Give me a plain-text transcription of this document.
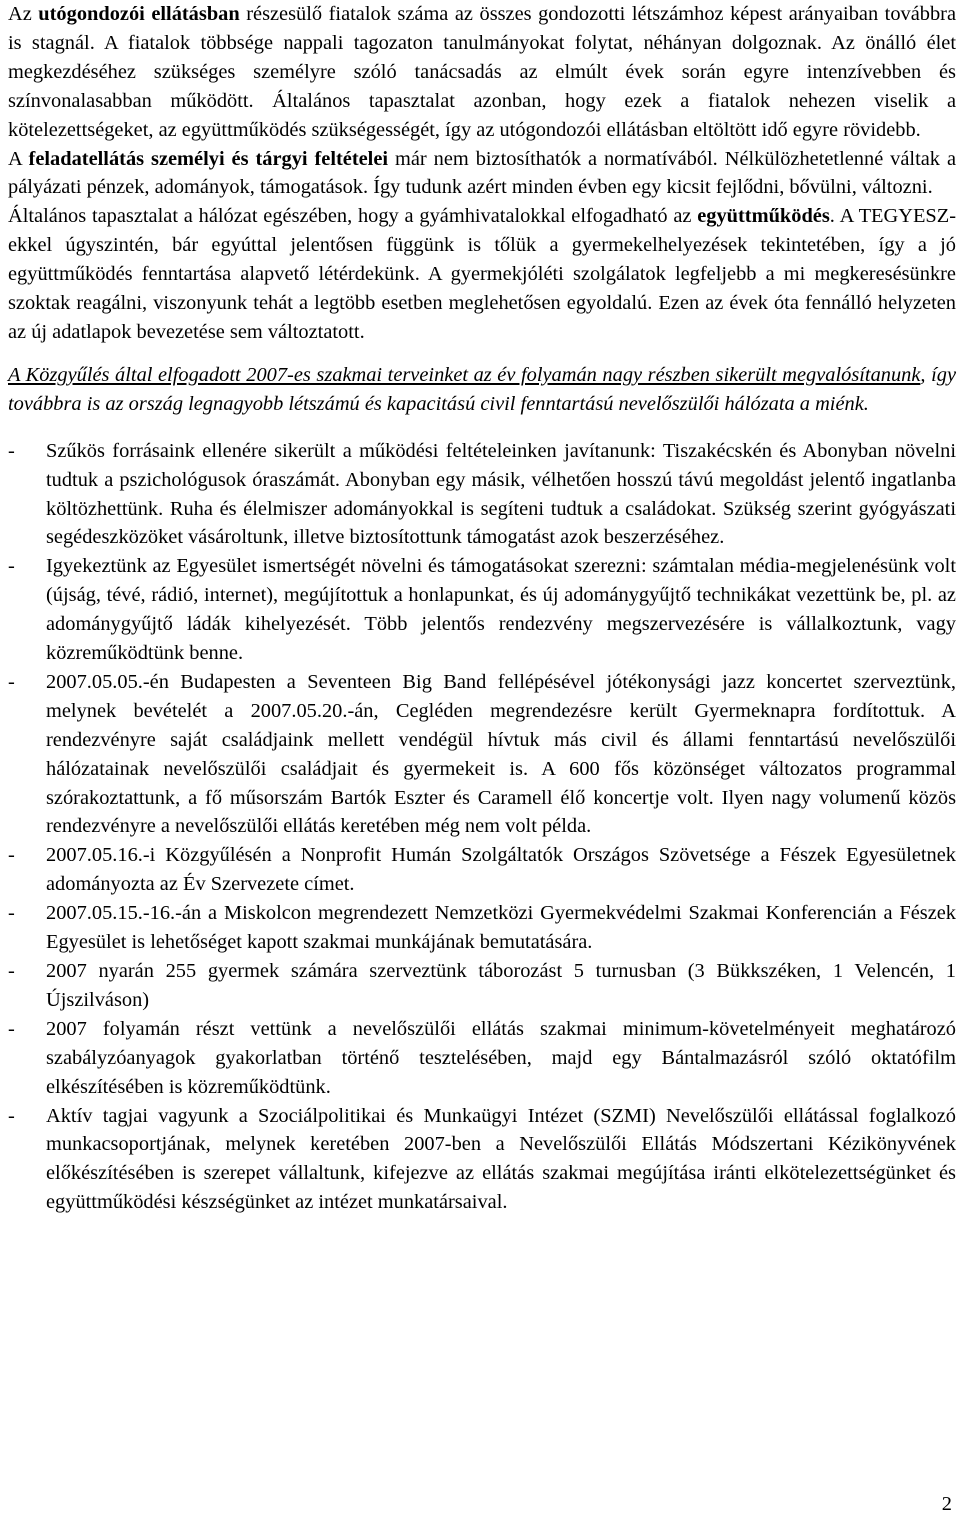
Az utógondozói ellátásban részesülő fiatalok száma az összes gondozotti létszámhoz képest arányaiban továbbra is stagnál. A fiatalok többsége nappali tagozaton tanulmányokat folytat, néhányan dolgoznak. Az önálló élet megkezdéséhez szükséges személyre szóló tanácsadás az elmúlt évek során egyre intenzívebben és színvonalasabban működött. Általános tapasztalat azonban, hogy ezek a fiatalok nehezen viselik a kötelezettségeket, az együttműködés szükségességét, így az utógondozói ellátásban eltöltött idő egyre rövidebb.

A feladatellátás személyi és tárgyi feltételei már nem biztosíthatók a normatívából. Nélkülözhetetlenné váltak a pályázati pénzek, adományok, támogatások. Így tudunk azért minden évben egy kicsit fejlődni, bővülni, változni.

Általános tapasztalat a hálózat egészében, hogy a gyámhivatalokkal elfogadható az együttműködés. A TEGYESZ-ekkel úgyszintén, bár egyúttal jelentősen függünk is tőlük a gyermekelhelyezések tekintetében, így a jó együttműködés fenntartása alapvető létérdekünk. A gyermekjóléti szolgálatok legfeljebb a mi megkeresésünkre szoktak reagálni, viszonyunk tehát a legtöbb esetben meglehetősen egyoldalú. Ezen az évek óta fennálló helyzeten az új adatlapok bevezetése sem változtatott.

A Közgyűlés által elfogadott 2007-es szakmai terveinket az év folyamán nagy részben sikerült megvalósítanunk, így továbbra is az ország legnagyobb létszámú és kapacitású civil fenntartású nevelőszülői hálózata a miénk.

- Szűkös forrásaink ellenére sikerült a működési feltételeinken javítanunk: Tiszakécskén és Abonyban növelni tudtuk a pszichológusok óraszámát. Abonyban egy másik, vélhetően hosszú távú megoldást jelentő ingatlanba költözhettünk. Ruha és élelmiszer adományokkal is segíteni tudtuk a családokat. Szükség szerint gyógyászati segédeszközöket vásároltunk, illetve biztosítottunk támogatást azok beszerzéséhez.
- Igyekeztünk az Egyesület ismertségét növelni és támogatásokat szerezni: számtalan média-megjelenésünk volt (újság, tévé, rádió, internet), megújítottuk a honlapunkat, és új adománygyűjtő technikákat vezettünk be, pl. az adománygyűjtő ládák kihelyezését. Több jelentős rendezvény megszervezésére is vállalkoztunk, vagy közreműködtünk benne.
- 2007.05.05.-én Budapesten a Seventeen Big Band fellépésével jótékonysági jazz koncertet szerveztünk, melynek bevételét a 2007.05.20.-án, Cegléden megrendezésre került Gyermeknapra fordítottuk. A rendezvényre saját családjaink mellett vendégül hívtuk más civil és állami fenntartású nevelőszülői hálózatainak nevelőszülői családjait és gyermekeit is. A 600 fős közönséget változatos programmal szórakoztattunk, a fő műsorszám Bartók Eszter és Caramell élő koncertje volt. Ilyen nagy volumenű közös rendezvényre a nevelőszülői ellátás keretében még nem volt példa.
- 2007.05.16.-i Közgyűlésén a Nonprofit Humán Szolgáltatók Országos Szövetsége a Fészek Egyesületnek adományozta az Év Szervezete címet.
- 2007.05.15.-16.-án a Miskolcon megrendezett Nemzetközi Gyermekvédelmi Szakmai Konferencián a Fészek Egyesület is lehetőséget kapott szakmai munkájának bemutatására.
- 2007 nyarán 255 gyermek számára szerveztünk táborozást 5 turnusban (3 Bükkszéken, 1 Velencén, 1 Újszilváson)
- 2007 folyamán részt vettünk a nevelőszülői ellátás szakmai minimum-követelményeit meghatározó szabályzóanyagok gyakorlatban történő tesztelésében, majd egy Bántalmazásról szóló oktatófilm elkészítésében is közreműködtünk.
- Aktív tagjai vagyunk a Szociálpolitikai és Munkaügyi Intézet (SZMI) Nevelőszülői ellátással foglalkozó munkacsoportjának, melynek keretében 2007-ben a Nevelőszülői Ellátás Módszertani Kézikönyvének előkészítésében is szerepet vállaltunk, kifejezve az ellátás szakmai megújítása iránti elkötelezettségünket és együttműködési készségünket az intézet munkatársaival.
2
